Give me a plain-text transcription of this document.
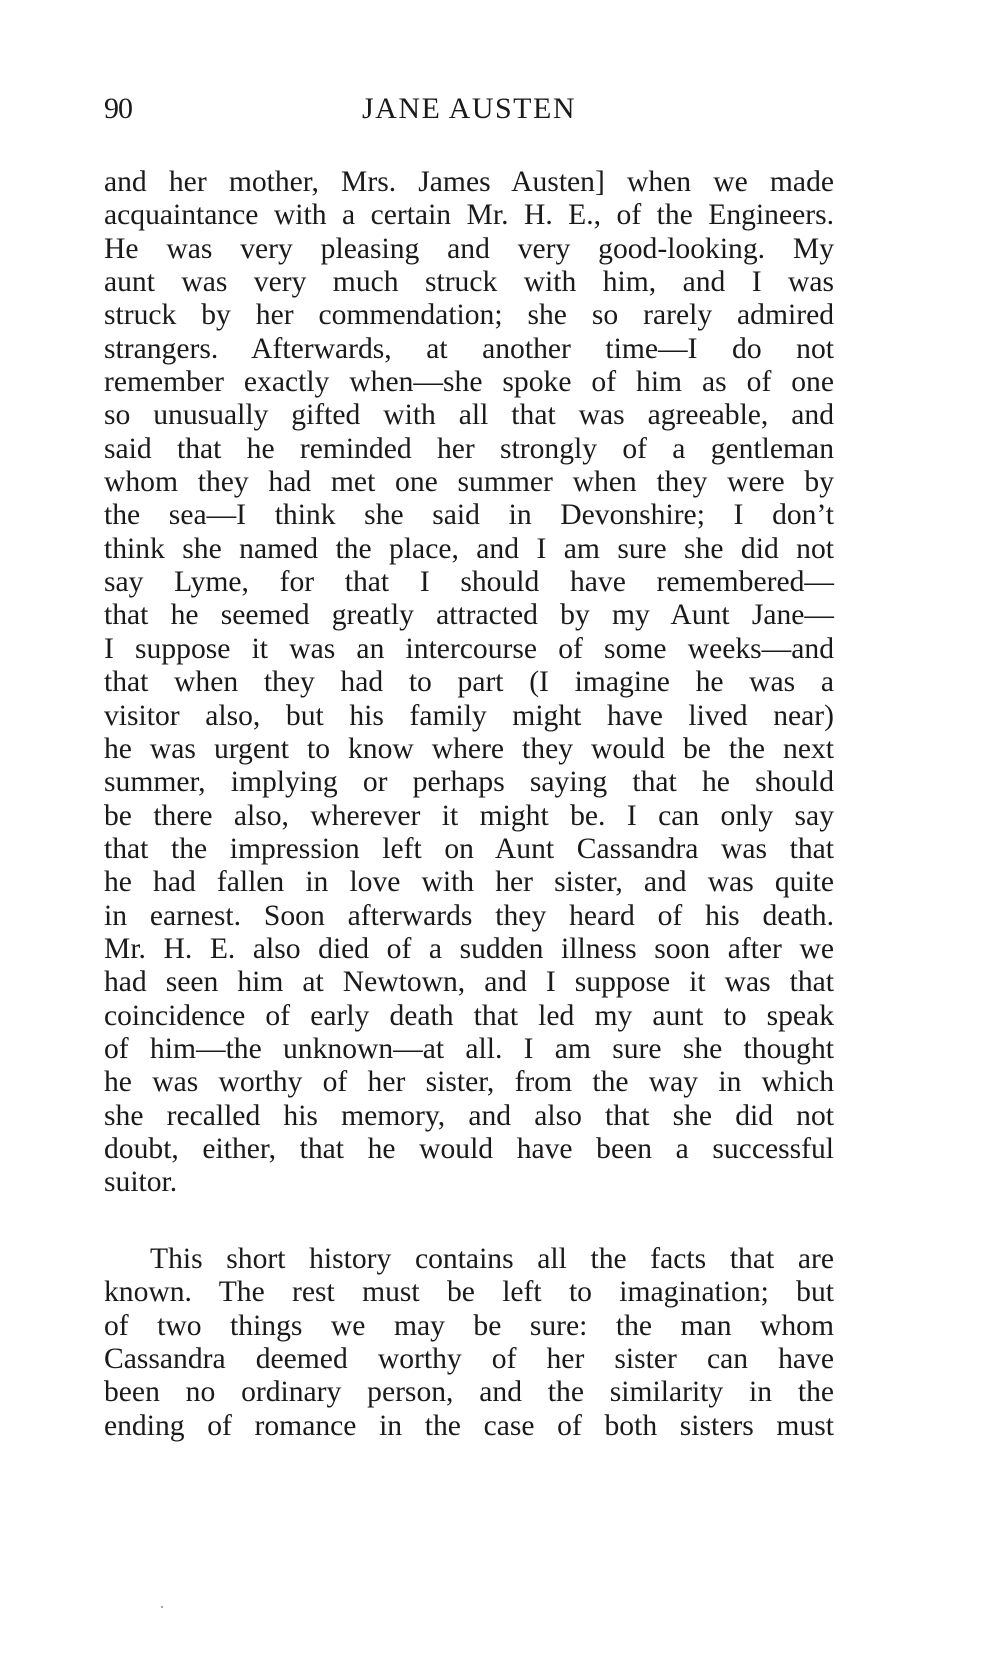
90	JANE AUSTEN
and her mother, Mrs. James Austen] when we made
acquaintance with a certain Mr. H. E., of the Engineers.
He was very pleasing and very good-looking. My
aunt was very much struck with him, and I was
struck by her commendation; she so rarely admired
strangers. Afterwards, at another time—I do not
remember exactly when—she spoke of him as of one
so unusually gifted with all that was agreeable, and
said that he reminded her strongly of a gentleman
whom they had met one summer when they were by
the sea—I think she said in Devonshire; I don’t
think she named the place, and I am sure she did not
say Lyme, for that I should have remembered—
that he seemed greatly attracted by my Aunt Jane—
I suppose it was an intercourse of some weeks—and
that when they had to part (I imagine he was a
visitor also, but his family might have lived near)
he was urgent to know where they would be the next
summer, implying or perhaps saying that he should
be there also, wherever it might be. I can only say
that the impression left on Aunt Cassandra was that
he had fallen in love with her sister, and was quite
in earnest. Soon afterwards they heard of his death.
Mr. H. E. also died of a sudden illness soon after we
had seen him at Newtown, and I suppose it was that
coincidence of early death that led my aunt to speak
of him—the unknown—at all. I am sure she thought
he was worthy of her sister, from the way in which
she recalled his memory, and also that she did not
doubt, either, that he would have been a successful
suitor.
This short history contains all the facts that are
known. The rest must be left to imagination; but
of two things we may be sure: the man whom
Cassandra deemed worthy of her sister can have
been no ordinary person, and the similarity in the
ending of romance in the case of both sisters must
